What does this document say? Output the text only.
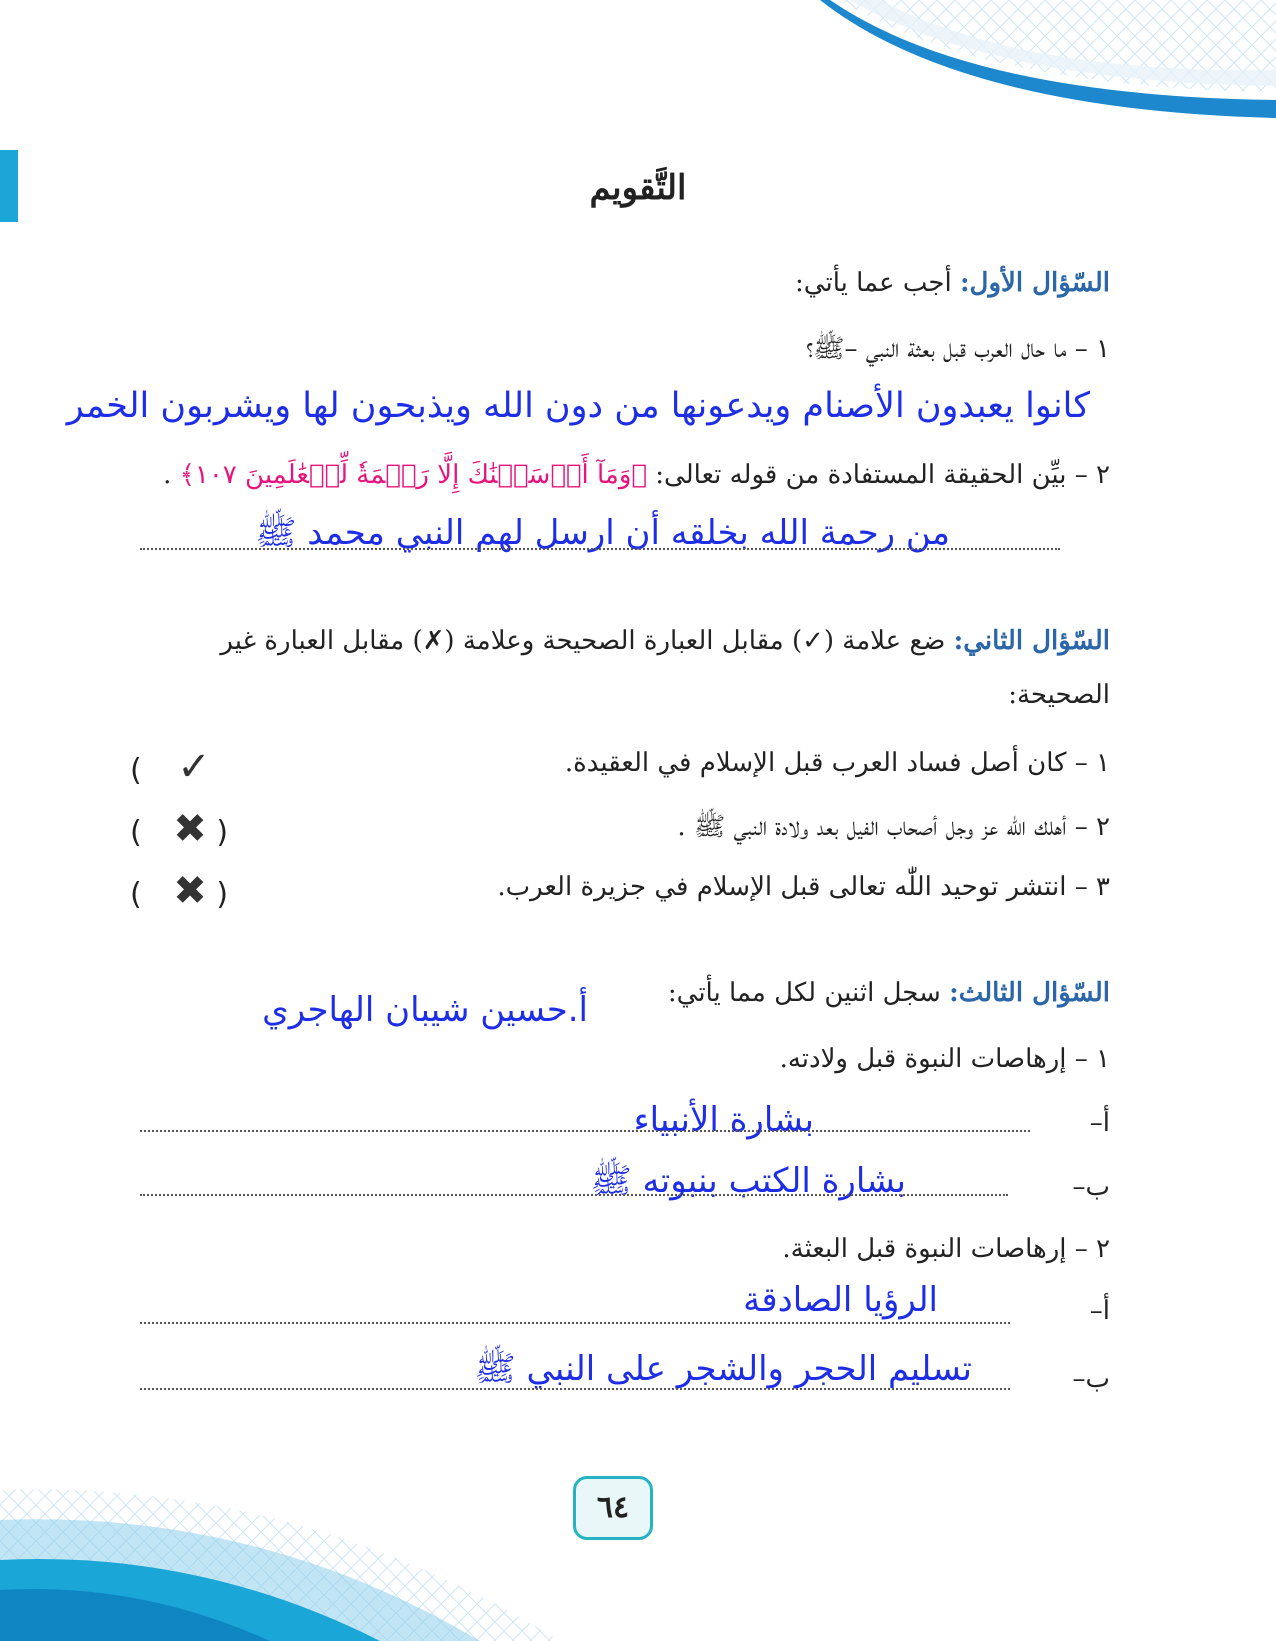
التَّقويم
السّؤال الأول: أجب عما يأتي:
١ – ما حال العرب قبل بعثة النبي –ﷺ؟
كانوا يعبدون الأصنام ويدعونها من دون الله ويذبحون لها ويشربون الخمر
٢ – بيِّن الحقيقة المستفادة من قوله تعالى: ﴿وَمَآ أَرۡسَلۡنَٰكَ إِلَّا رَحۡمَةٗ لِّلۡعَٰلَمِينَ ١٠٧﴾ .
من رحمة الله بخلقه أن ارسل لهم النبي محمد ﷺ
السّؤال الثاني: ضع علامة (✓) مقابل العبارة الصحيحة وعلامة (✗) مقابل العبارة غير
الصحيحة:
١ – كان أصل فساد العرب قبل الإسلام في العقيدة.
( ✓
٢ – أهلك اللّٰه عز وجل أصحاب الفيل بعد ولادة النبي ﷺ .
( ✖ )
٣ – انتشر توحيد اللّٰه تعالى قبل الإسلام في جزيرة العرب.
( ✖ )
السّؤال الثالث: سجل اثنين لكل مما يأتي:
أ.حسين شيبان الهاجري
١ – إرهاصات النبوة قبل ولادته.
أ–
بشارة الأنبياء
ب–
بشارة الكتب بنبوته ﷺ
٢ – إرهاصات النبوة قبل البعثة.
أ–
الرؤيا الصادقة
ب–
تسليم الحجر والشجر على النبي ﷺ
٦٤
